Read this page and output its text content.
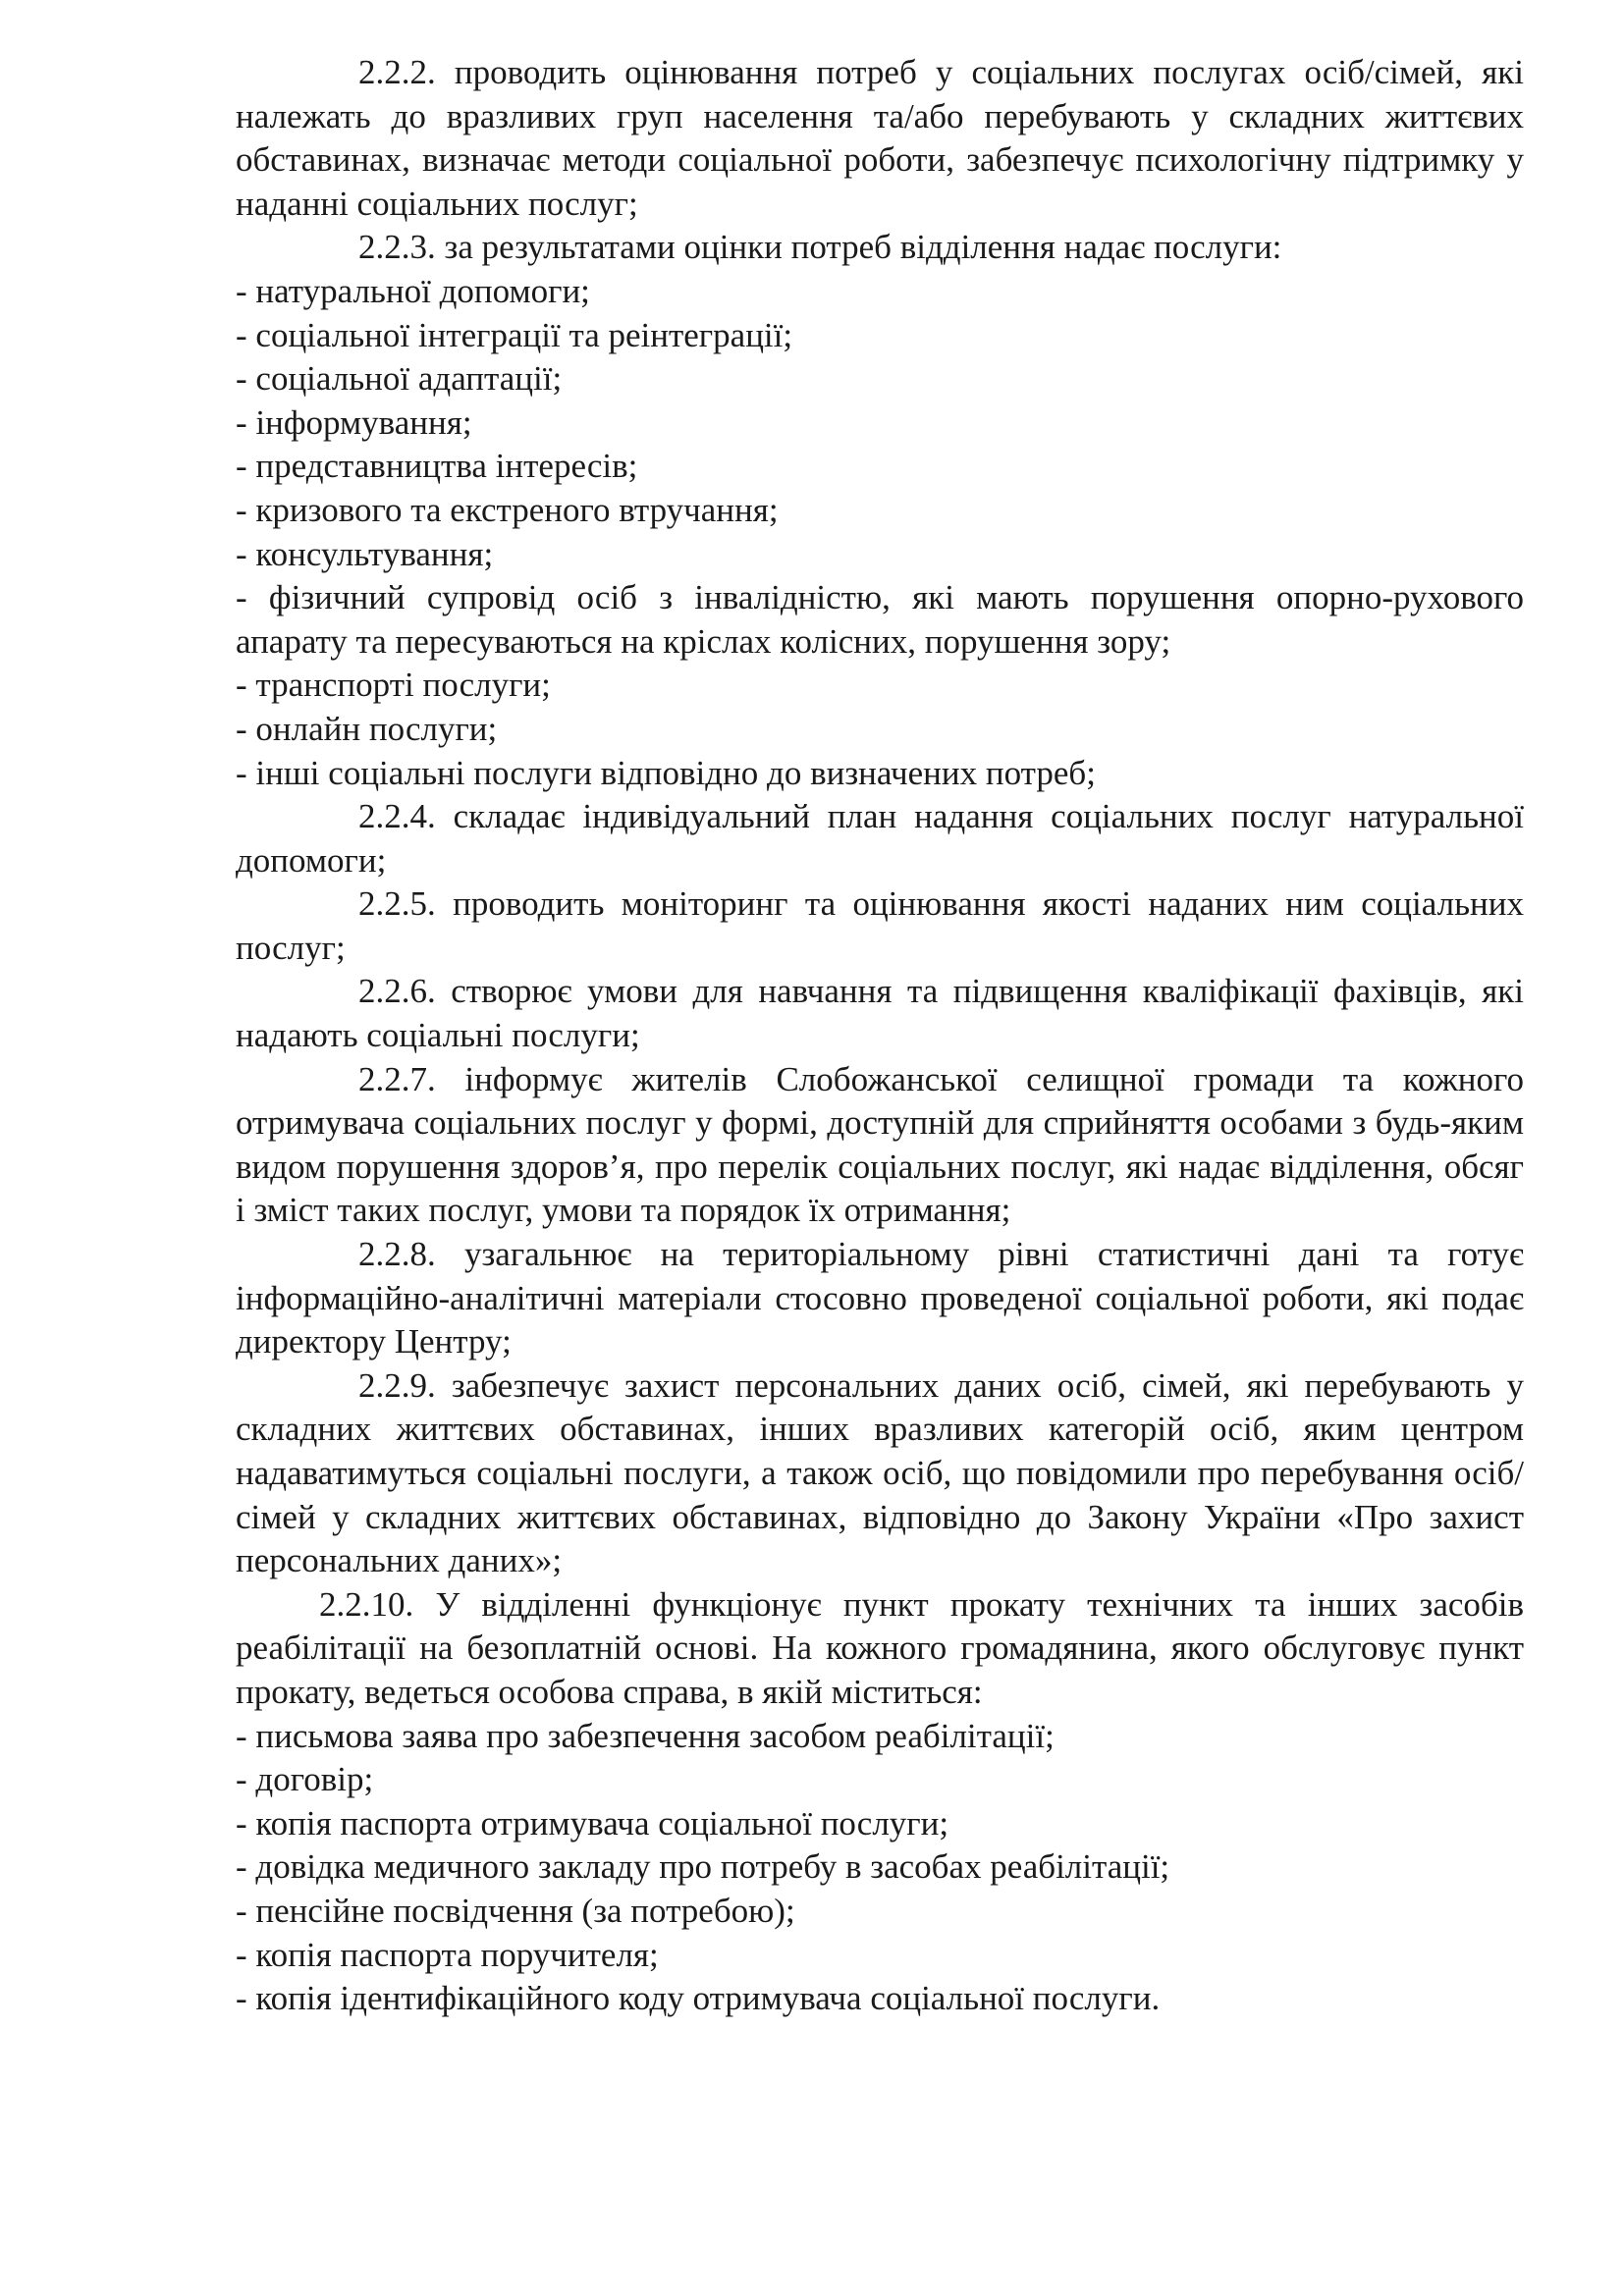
2.2.2. проводить оцінювання потреб у соціальних послугах осіб/сімей, які належать до вразливих груп населення та/або перебувають у складних життєвих обставинах, визначає методи соціальної роботи, забезпечує психологічну підтримку у наданні соціальних послуг;

2.2.3. за результатами оцінки потреб відділення надає послуги:

- натуральної допомоги;

- соціальної інтеграції та реінтеграції;

- соціальної адаптації;

- інформування;

- представництва інтересів;

- кризового та екстреного втручання;

- консультування;

- фізичний супровід осіб з інвалідністю, які мають порушення опорно-рухового апарату та пересуваються на кріслах колісних, порушення зору;

- транспорті послуги;

- онлайн послуги;

- інші соціальні послуги відповідно до визначених потреб;

2.2.4. складає індивідуальний план надання соціальних послуг натуральної допомоги;

2.2.5. проводить моніторинг та оцінювання якості наданих ним соціальних послуг;

2.2.6. створює умови для навчання та підвищення кваліфікації фахівців, які надають соціальні послуги;

2.2.7. інформує жителів Слобожанської селищної громади та кожного отримувача соціальних послуг у формі, доступній для сприйняття особами з будь-яким видом порушення здоров’я, про перелік соціальних послуг, які надає відділення, обсяг і зміст таких послуг, умови та порядок їх отримання;

2.2.8. узагальнює на територіальному рівні статистичні дані та готує інформаційно-аналітичні матеріали стосовно проведеної соціальної роботи, які подає директору Центру;

2.2.9. забезпечує захист персональних даних осіб, сімей, які перебувають у складних життєвих обставинах, інших вразливих категорій осіб, яким центром надаватимуться соціальні послуги, а також осіб, що повідомили про перебування осіб/сімей у складних життєвих обставинах, відповідно до Закону України «Про захист персональних даних»;

2.2.10. У відділенні функціонує пункт прокату технічних та інших засобів реабілітації на безоплатній основі. На кожного громадянина, якого обслуговує пункт прокату, ведеться особова справа, в якій міститься:

- письмова заява про забезпечення засобом реабілітації;

- договір;

- копія паспорта отримувача соціальної послуги;

- довідка медичного закладу про потребу в засобах реабілітації;

- пенсійне посвідчення (за потребою);

- копія паспорта поручителя;

- копія ідентифікаційного коду отримувача соціальної послуги.
